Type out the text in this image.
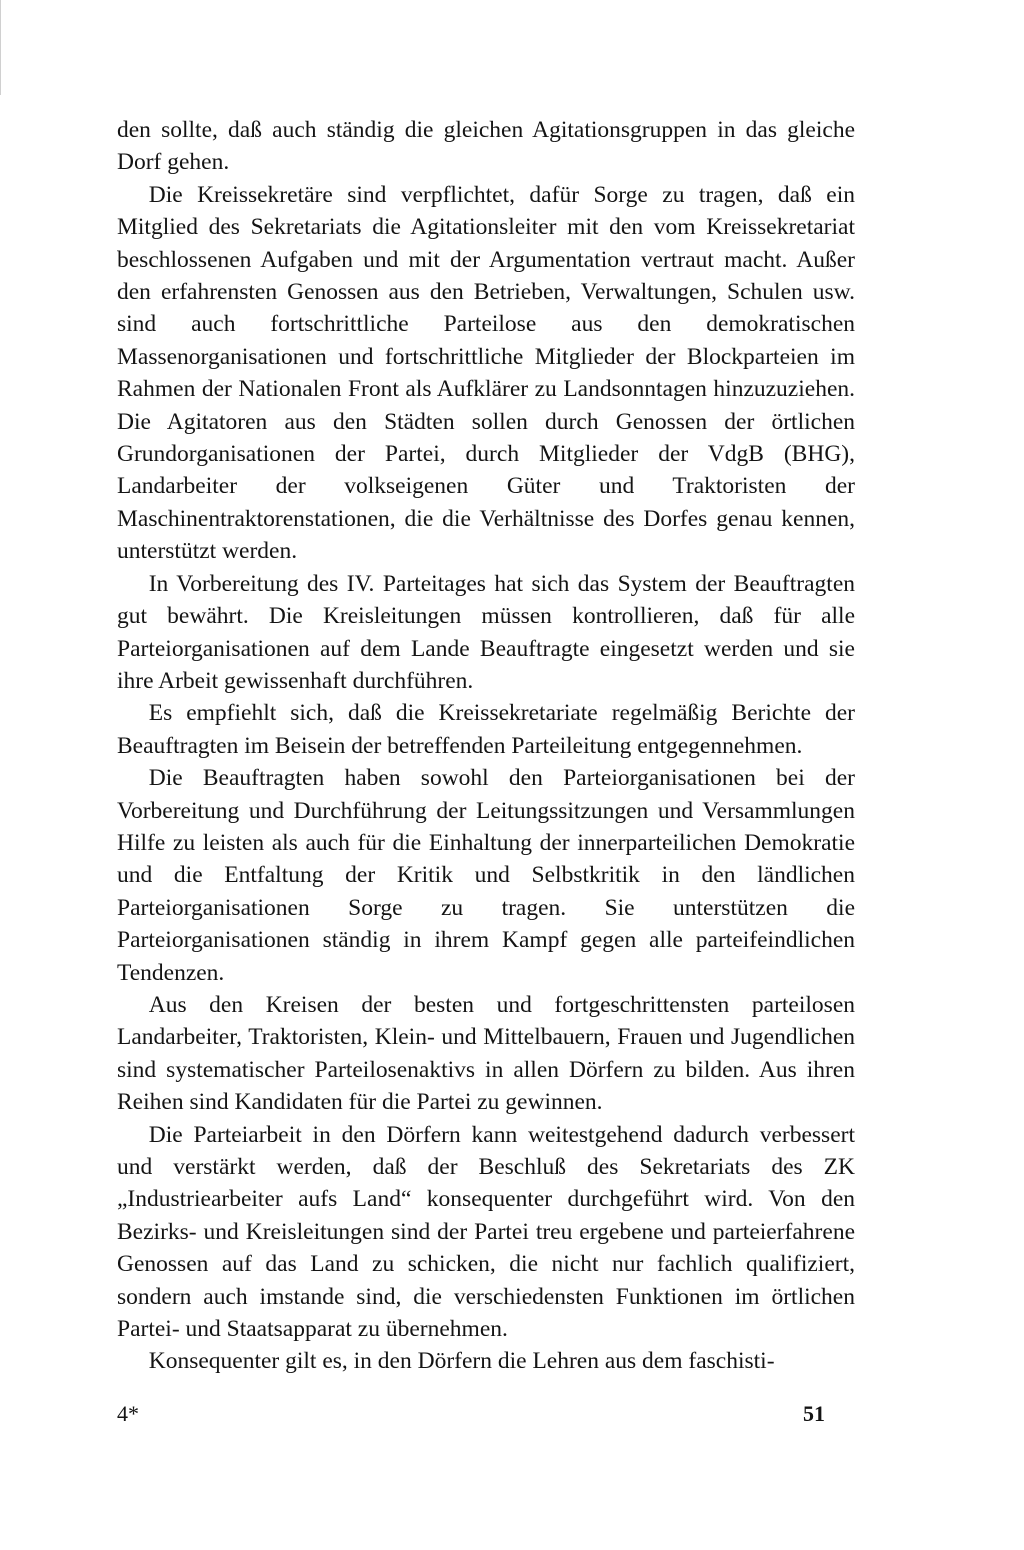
den sollte, daß auch ständig die gleichen Agitationsgruppen in das gleiche Dorf gehen.

Die Kreissekretäre sind verpflichtet, dafür Sorge zu tragen, daß ein Mitglied des Sekretariats die Agitationsleiter mit den vom Kreissekretariat beschlossenen Aufgaben und mit der Argumentation vertraut macht. Außer den erfahrensten Genossen aus den Betrieben, Verwaltungen, Schulen usw. sind auch fortschrittliche Parteilose aus den demokratischen Massenorganisationen und fortschrittliche Mitglieder der Blockparteien im Rahmen der Nationalen Front als Aufklärer zu Landsonntagen hinzuzuziehen. Die Agitatoren aus den Städten sollen durch Genossen der örtlichen Grundorganisationen der Partei, durch Mitglieder der VdgB (BHG), Landarbeiter der volkseigenen Güter und Traktoristen der Maschinentraktorenstationen, die die Verhältnisse des Dorfes genau kennen, unterstützt werden.

In Vorbereitung des IV. Parteitages hat sich das System der Beauftragten gut bewährt. Die Kreisleitungen müssen kontrollieren, daß für alle Parteiorganisationen auf dem Lande Beauftragte eingesetzt werden und sie ihre Arbeit gewissenhaft durchführen.

Es empfiehlt sich, daß die Kreissekretariate regelmäßig Berichte der Beauftragten im Beisein der betreffenden Parteileitung entgegennehmen.

Die Beauftragten haben sowohl den Parteiorganisationen bei der Vorbereitung und Durchführung der Leitungssitzungen und Versammlungen Hilfe zu leisten als auch für die Einhaltung der innerparteilichen Demokratie und die Entfaltung der Kritik und Selbstkritik in den ländlichen Parteiorganisationen Sorge zu tragen. Sie unterstützen die Parteiorganisationen ständig in ihrem Kampf gegen alle parteifeindlichen Tendenzen.

Aus den Kreisen der besten und fortgeschrittensten parteilosen Landarbeiter, Traktoristen, Klein- und Mittelbauern, Frauen und Jugendlichen sind systematischer Parteilosenaktivs in allen Dörfern zu bilden. Aus ihren Reihen sind Kandidaten für die Partei zu gewinnen.

Die Parteiarbeit in den Dörfern kann weitestgehend dadurch verbessert und verstärkt werden, daß der Beschluß des Sekretariats des ZK „Industriearbeiter aufs Land“ konsequenter durchgeführt wird. Von den Bezirks- und Kreisleitungen sind der Partei treu ergebene und parteierfahrene Genossen auf das Land zu schicken, die nicht nur fachlich qualifiziert, sondern auch imstande sind, die verschiedensten Funktionen im örtlichen Partei- und Staatsapparat zu übernehmen.

Konsequenter gilt es, in den Dörfern die Lehren aus dem faschisti-

4*	51
